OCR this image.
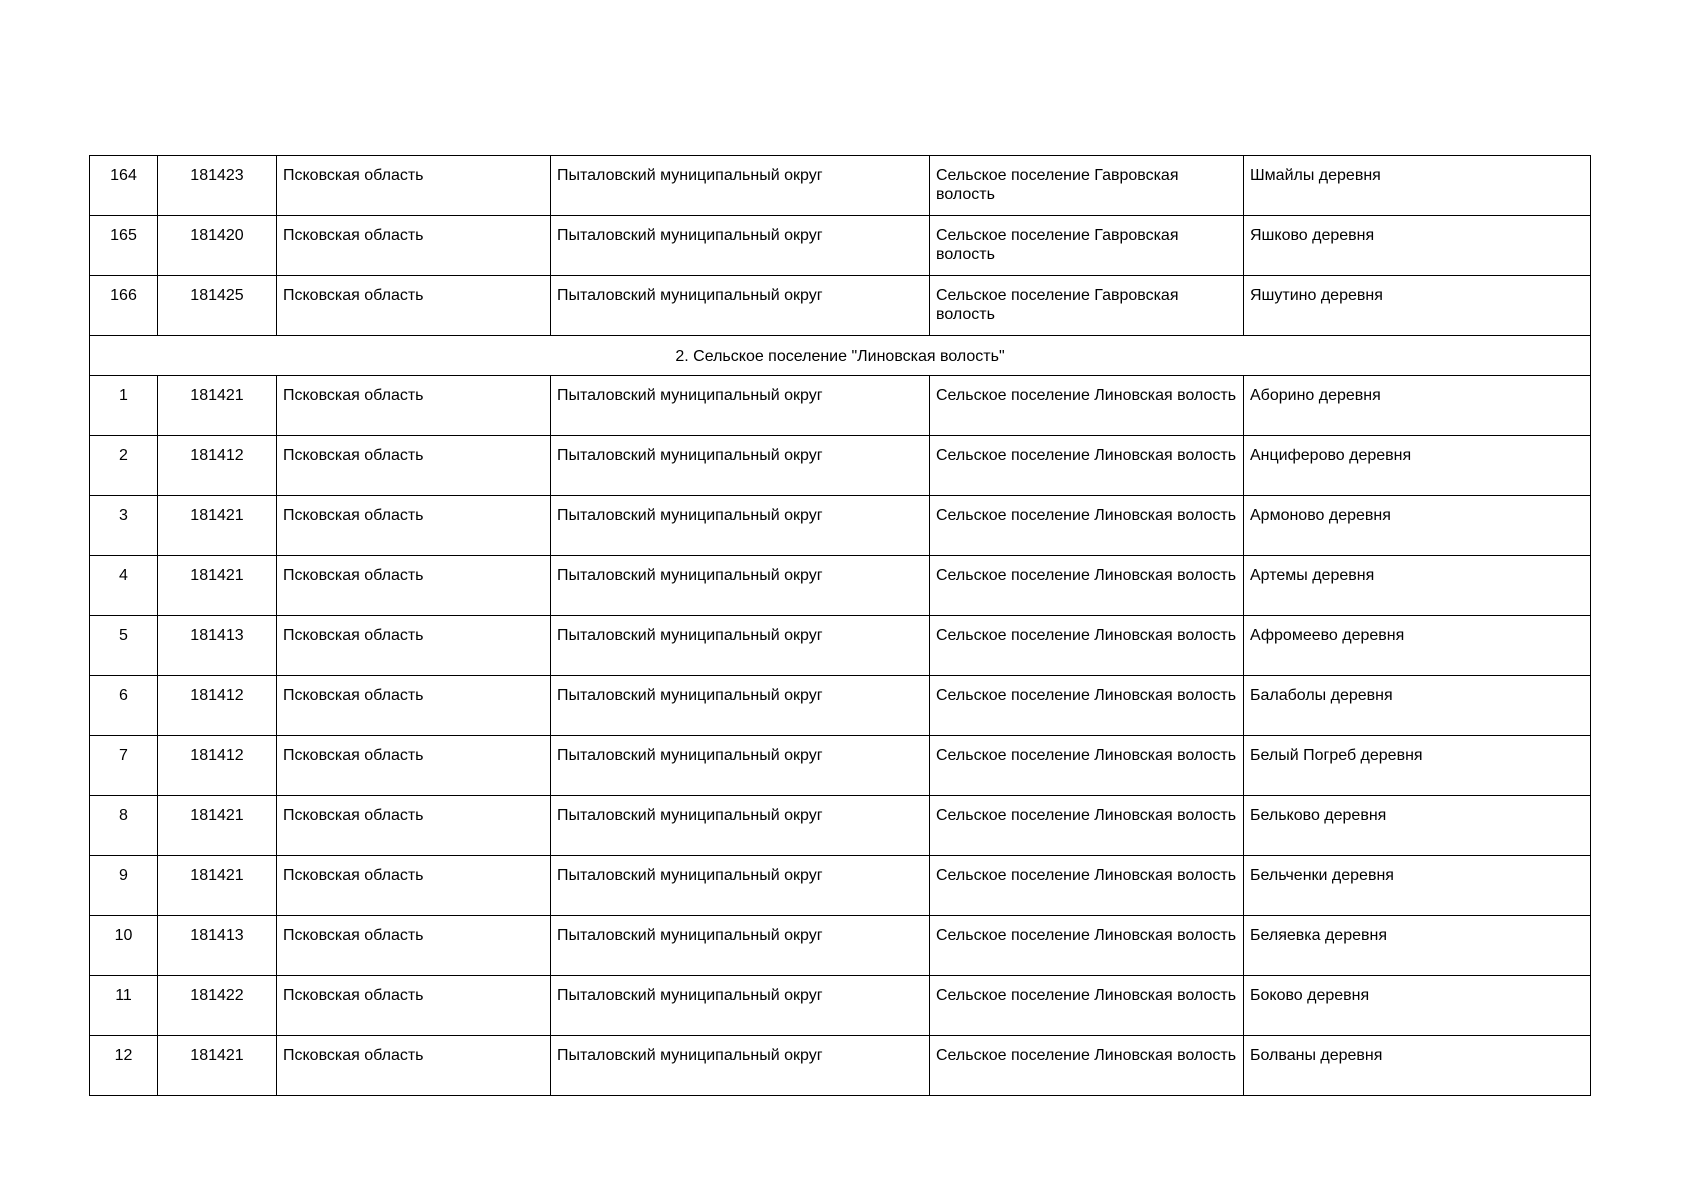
164	181423	Псковская область	Пыталовский муниципальный округ	Сельское поселение Гавровская волость	Шмайлы деревня
165	181420	Псковская область	Пыталовский муниципальный округ	Сельское поселение Гавровская волость	Яшково деревня
166	181425	Псковская область	Пыталовский муниципальный округ	Сельское поселение Гавровская волость	Яшутино деревня
2. Сельское поселение "Линовская волость"					
1	181421	Псковская область	Пыталовский муниципальный округ	Сельское поселение Линовская волость	Аборино деревня
2	181412	Псковская область	Пыталовский муниципальный округ	Сельское поселение Линовская волость	Анциферово деревня
3	181421	Псковская область	Пыталовский муниципальный округ	Сельское поселение Линовская волость	Армоново деревня
4	181421	Псковская область	Пыталовский муниципальный округ	Сельское поселение Линовская волость	Артемы деревня
5	181413	Псковская область	Пыталовский муниципальный округ	Сельское поселение Линовская волость	Афромеево деревня
6	181412	Псковская область	Пыталовский муниципальный округ	Сельское поселение Линовская волость	Балаболы деревня
7	181412	Псковская область	Пыталовский муниципальный округ	Сельское поселение Линовская волость	Белый Погреб деревня
8	181421	Псковская область	Пыталовский муниципальный округ	Сельское поселение Линовская волость	Бельково деревня
9	181421	Псковская область	Пыталовский муниципальный округ	Сельское поселение Линовская волость	Бельченки деревня
10	181413	Псковская область	Пыталовский муниципальный округ	Сельское поселение Линовская волость	Беляевка деревня
11	181422	Псковская область	Пыталовский муниципальный округ	Сельское поселение Линовская волость	Боково деревня
12	181421	Псковская область	Пыталовский муниципальный округ	Сельское поселение Линовская волость	Болваны деревня
